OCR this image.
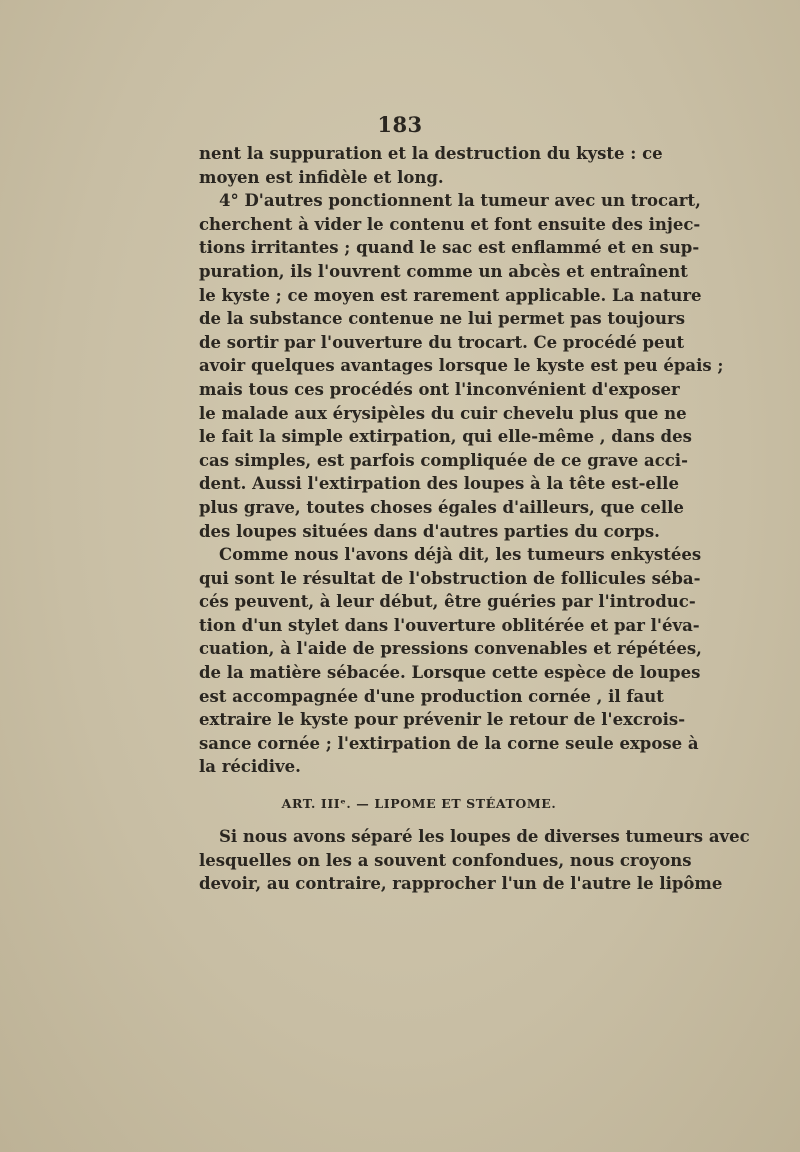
183
nent la suppuration et la destruction du kyste : ce
moyen est infidèle et long.
4° D'autres ponctionnent la tumeur avec un trocart,
cherchent à vider le contenu et font ensuite des injec-
tions irritantes ; quand le sac est enflammé et en sup-
puration, ils l'ouvrent comme un abcès et entraînent
le kyste ; ce moyen est rarement applicable. La nature
de la substance contenue ne lui permet pas toujours
de sortir par l'ouverture du trocart. Ce procédé peut
avoir quelques avantages lorsque le kyste est peu épais ;
mais tous ces procédés ont l'inconvénient d'exposer
le malade aux érysipèles du cuir chevelu plus que ne
le fait la simple extirpation, qui elle-même , dans des
cas simples, est parfois compliquée de ce grave acci-
dent. Aussi l'extirpation des loupes à la tête est-elle
plus grave, toutes choses égales d'ailleurs, que celle
des loupes situées dans d'autres parties du corps.
Comme nous l'avons déjà dit, les tumeurs enkystées
qui sont le résultat de l'obstruction de follicules séba-
cés peuvent, à leur début, être guéries par l'introduc-
tion d'un stylet dans l'ouverture oblitérée et par l'éva-
cuation, à l'aide de pressions convenables et répétées,
de la matière sébacée. Lorsque cette espèce de loupes
est accompagnée d'une production cornée , il faut
extraire le kyste pour prévenir le retour de l'excrois-
sance cornée ; l'extirpation de la corne seule expose à
la récidive.
ART. IIIᵉ. — LIPOME ET STÉATOME.
Si nous avons séparé les loupes de diverses tumeurs avec
lesquelles on les a souvent confondues, nous croyons
devoir, au contraire, rapprocher l'un de l'autre le lipôme
